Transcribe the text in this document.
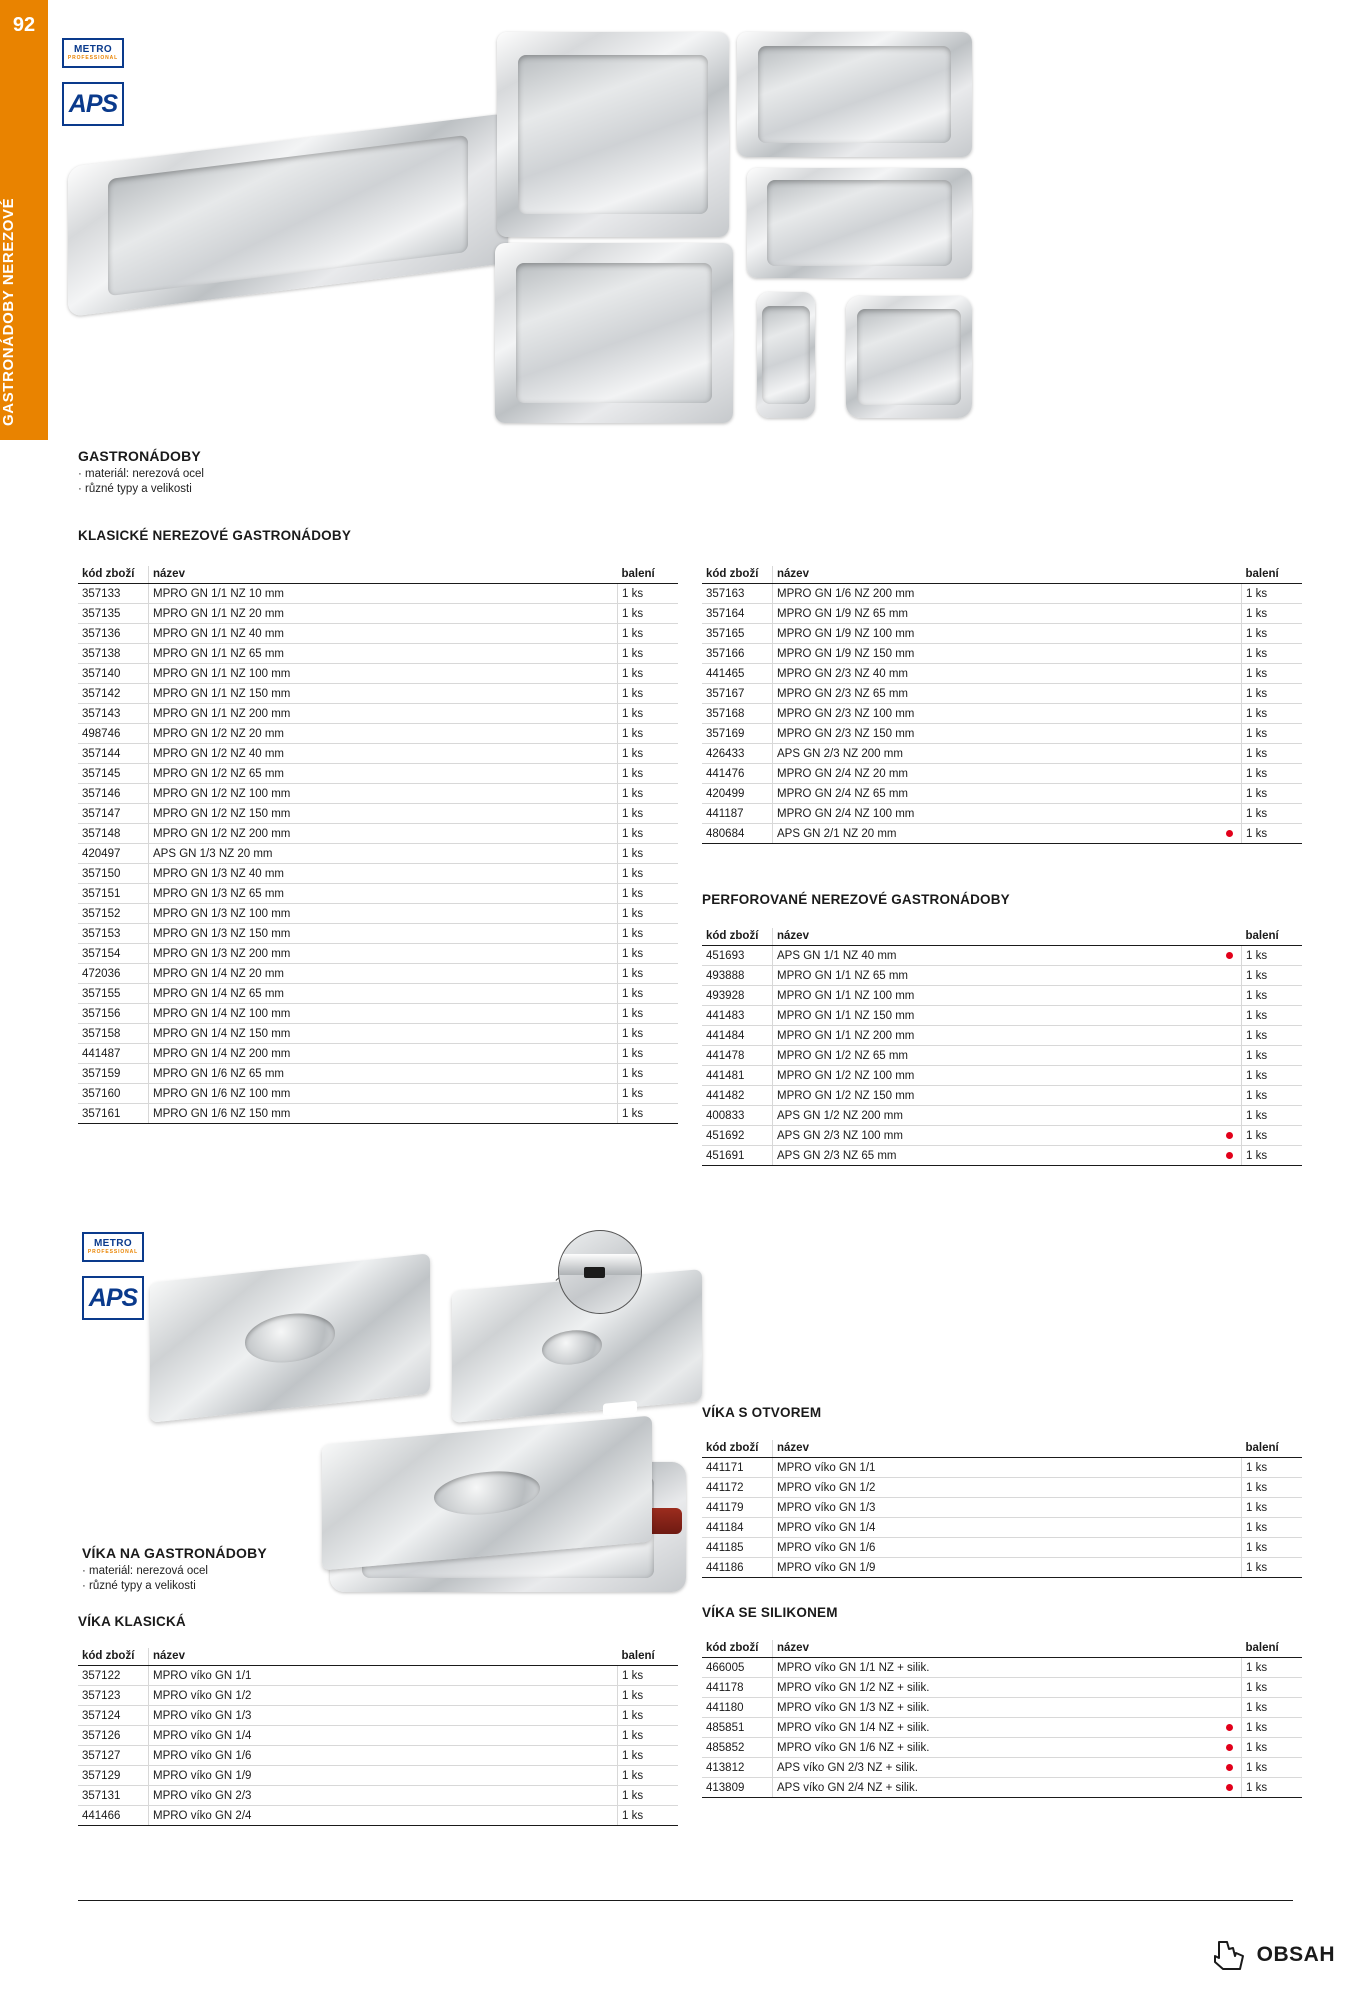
92
GASTRONÁDOBY NEREZOVÉ
METRO
PROFESSIONAL
APS
GASTRONÁDOBY
· materiál: nerezová ocel
· různé typy a velikosti
KLASICKÉ NEREZOVÉ GASTRONÁDOBY
kód zboží	název		balení
357133	MPRO GN 1/1 NZ 10 mm		1 ks
357135	MPRO GN 1/1 NZ 20 mm		1 ks
357136	MPRO GN 1/1 NZ 40 mm		1 ks
357138	MPRO GN 1/1 NZ 65 mm		1 ks
357140	MPRO GN 1/1 NZ 100 mm		1 ks
357142	MPRO GN 1/1 NZ 150 mm		1 ks
357143	MPRO GN 1/1 NZ 200 mm		1 ks
498746	MPRO GN 1/2 NZ 20 mm		1 ks
357144	MPRO GN 1/2 NZ 40 mm		1 ks
357145	MPRO GN 1/2 NZ 65 mm		1 ks
357146	MPRO GN 1/2 NZ 100 mm		1 ks
357147	MPRO GN 1/2 NZ 150 mm		1 ks
357148	MPRO GN 1/2 NZ 200 mm		1 ks
420497	APS GN 1/3 NZ 20 mm		1 ks
357150	MPRO GN 1/3 NZ 40 mm		1 ks
357151	MPRO GN 1/3 NZ 65 mm		1 ks
357152	MPRO GN 1/3 NZ 100 mm		1 ks
357153	MPRO GN 1/3 NZ 150 mm		1 ks
357154	MPRO GN 1/3 NZ 200 mm		1 ks
472036	MPRO GN 1/4 NZ 20 mm		1 ks
357155	MPRO GN 1/4 NZ 65 mm		1 ks
357156	MPRO GN 1/4 NZ 100 mm		1 ks
357158	MPRO GN 1/4 NZ 150 mm		1 ks
441487	MPRO GN 1/4 NZ 200 mm		1 ks
357159	MPRO GN 1/6 NZ 65 mm		1 ks
357160	MPRO GN 1/6 NZ 100 mm		1 ks
357161	MPRO GN 1/6 NZ 150 mm		1 ks
kód zboží	název		balení
357163	MPRO GN 1/6 NZ 200 mm		1 ks
357164	MPRO GN 1/9 NZ 65 mm		1 ks
357165	MPRO GN 1/9 NZ 100 mm		1 ks
357166	MPRO GN 1/9 NZ 150 mm		1 ks
441465	MPRO GN 2/3 NZ 40 mm		1 ks
357167	MPRO GN 2/3 NZ 65 mm		1 ks
357168	MPRO GN 2/3 NZ 100 mm		1 ks
357169	MPRO GN 2/3 NZ 150 mm		1 ks
426433	APS GN 2/3 NZ 200 mm		1 ks
441476	MPRO GN 2/4 NZ 20 mm		1 ks
420499	MPRO GN 2/4 NZ 65 mm		1 ks
441187	MPRO GN 2/4 NZ 100 mm		1 ks
480684	APS GN 2/1 NZ 20 mm		1 ks
PERFOROVANÉ NEREZOVÉ GASTRONÁDOBY
kód zboží	název		balení
451693	APS GN 1/1 NZ 40 mm		1 ks
493888	MPRO GN 1/1 NZ 65 mm		1 ks
493928	MPRO GN 1/1 NZ 100 mm		1 ks
441483	MPRO GN 1/1 NZ 150 mm		1 ks
441484	MPRO GN 1/1 NZ 200 mm		1 ks
441478	MPRO GN 1/2 NZ 65 mm		1 ks
441481	MPRO GN 1/2 NZ 100 mm		1 ks
441482	MPRO GN 1/2 NZ 150 mm		1 ks
400833	APS GN 1/2 NZ 200 mm		1 ks
451692	APS GN 2/3 NZ 100 mm		1 ks
451691	APS GN 2/3 NZ 65 mm		1 ks
METRO
PROFESSIONAL
APS
VÍKA NA GASTRONÁDOBY
· materiál: nerezová ocel
· různé typy a velikosti
VÍKA KLASICKÁ
kód zboží	název		balení
357122	MPRO víko GN 1/1		1 ks
357123	MPRO víko GN 1/2		1 ks
357124	MPRO víko GN 1/3		1 ks
357126	MPRO víko GN 1/4		1 ks
357127	MPRO víko GN 1/6		1 ks
357129	MPRO víko GN 1/9		1 ks
357131	MPRO víko GN 2/3		1 ks
441466	MPRO víko GN 2/4		1 ks
VÍKA S OTVOREM
kód zboží	název		balení
441171	MPRO víko GN 1/1		1 ks
441172	MPRO víko GN 1/2		1 ks
441179	MPRO víko GN 1/3		1 ks
441184	MPRO víko GN 1/4		1 ks
441185	MPRO víko GN 1/6		1 ks
441186	MPRO víko GN 1/9		1 ks
VÍKA SE SILIKONEM
kód zboží	název		balení
466005	MPRO víko GN 1/1 NZ + silik.		1 ks
441178	MPRO víko GN 1/2 NZ + silik.		1 ks
441180	MPRO víko GN 1/3 NZ + silik.		1 ks
485851	MPRO víko GN 1/4 NZ + silik.		1 ks
485852	MPRO víko GN 1/6 NZ + silik.		1 ks
413812	APS víko GN 2/3 NZ + silik.		1 ks
413809	APS víko GN 2/4 NZ + silik.		1 ks
OBSAH
